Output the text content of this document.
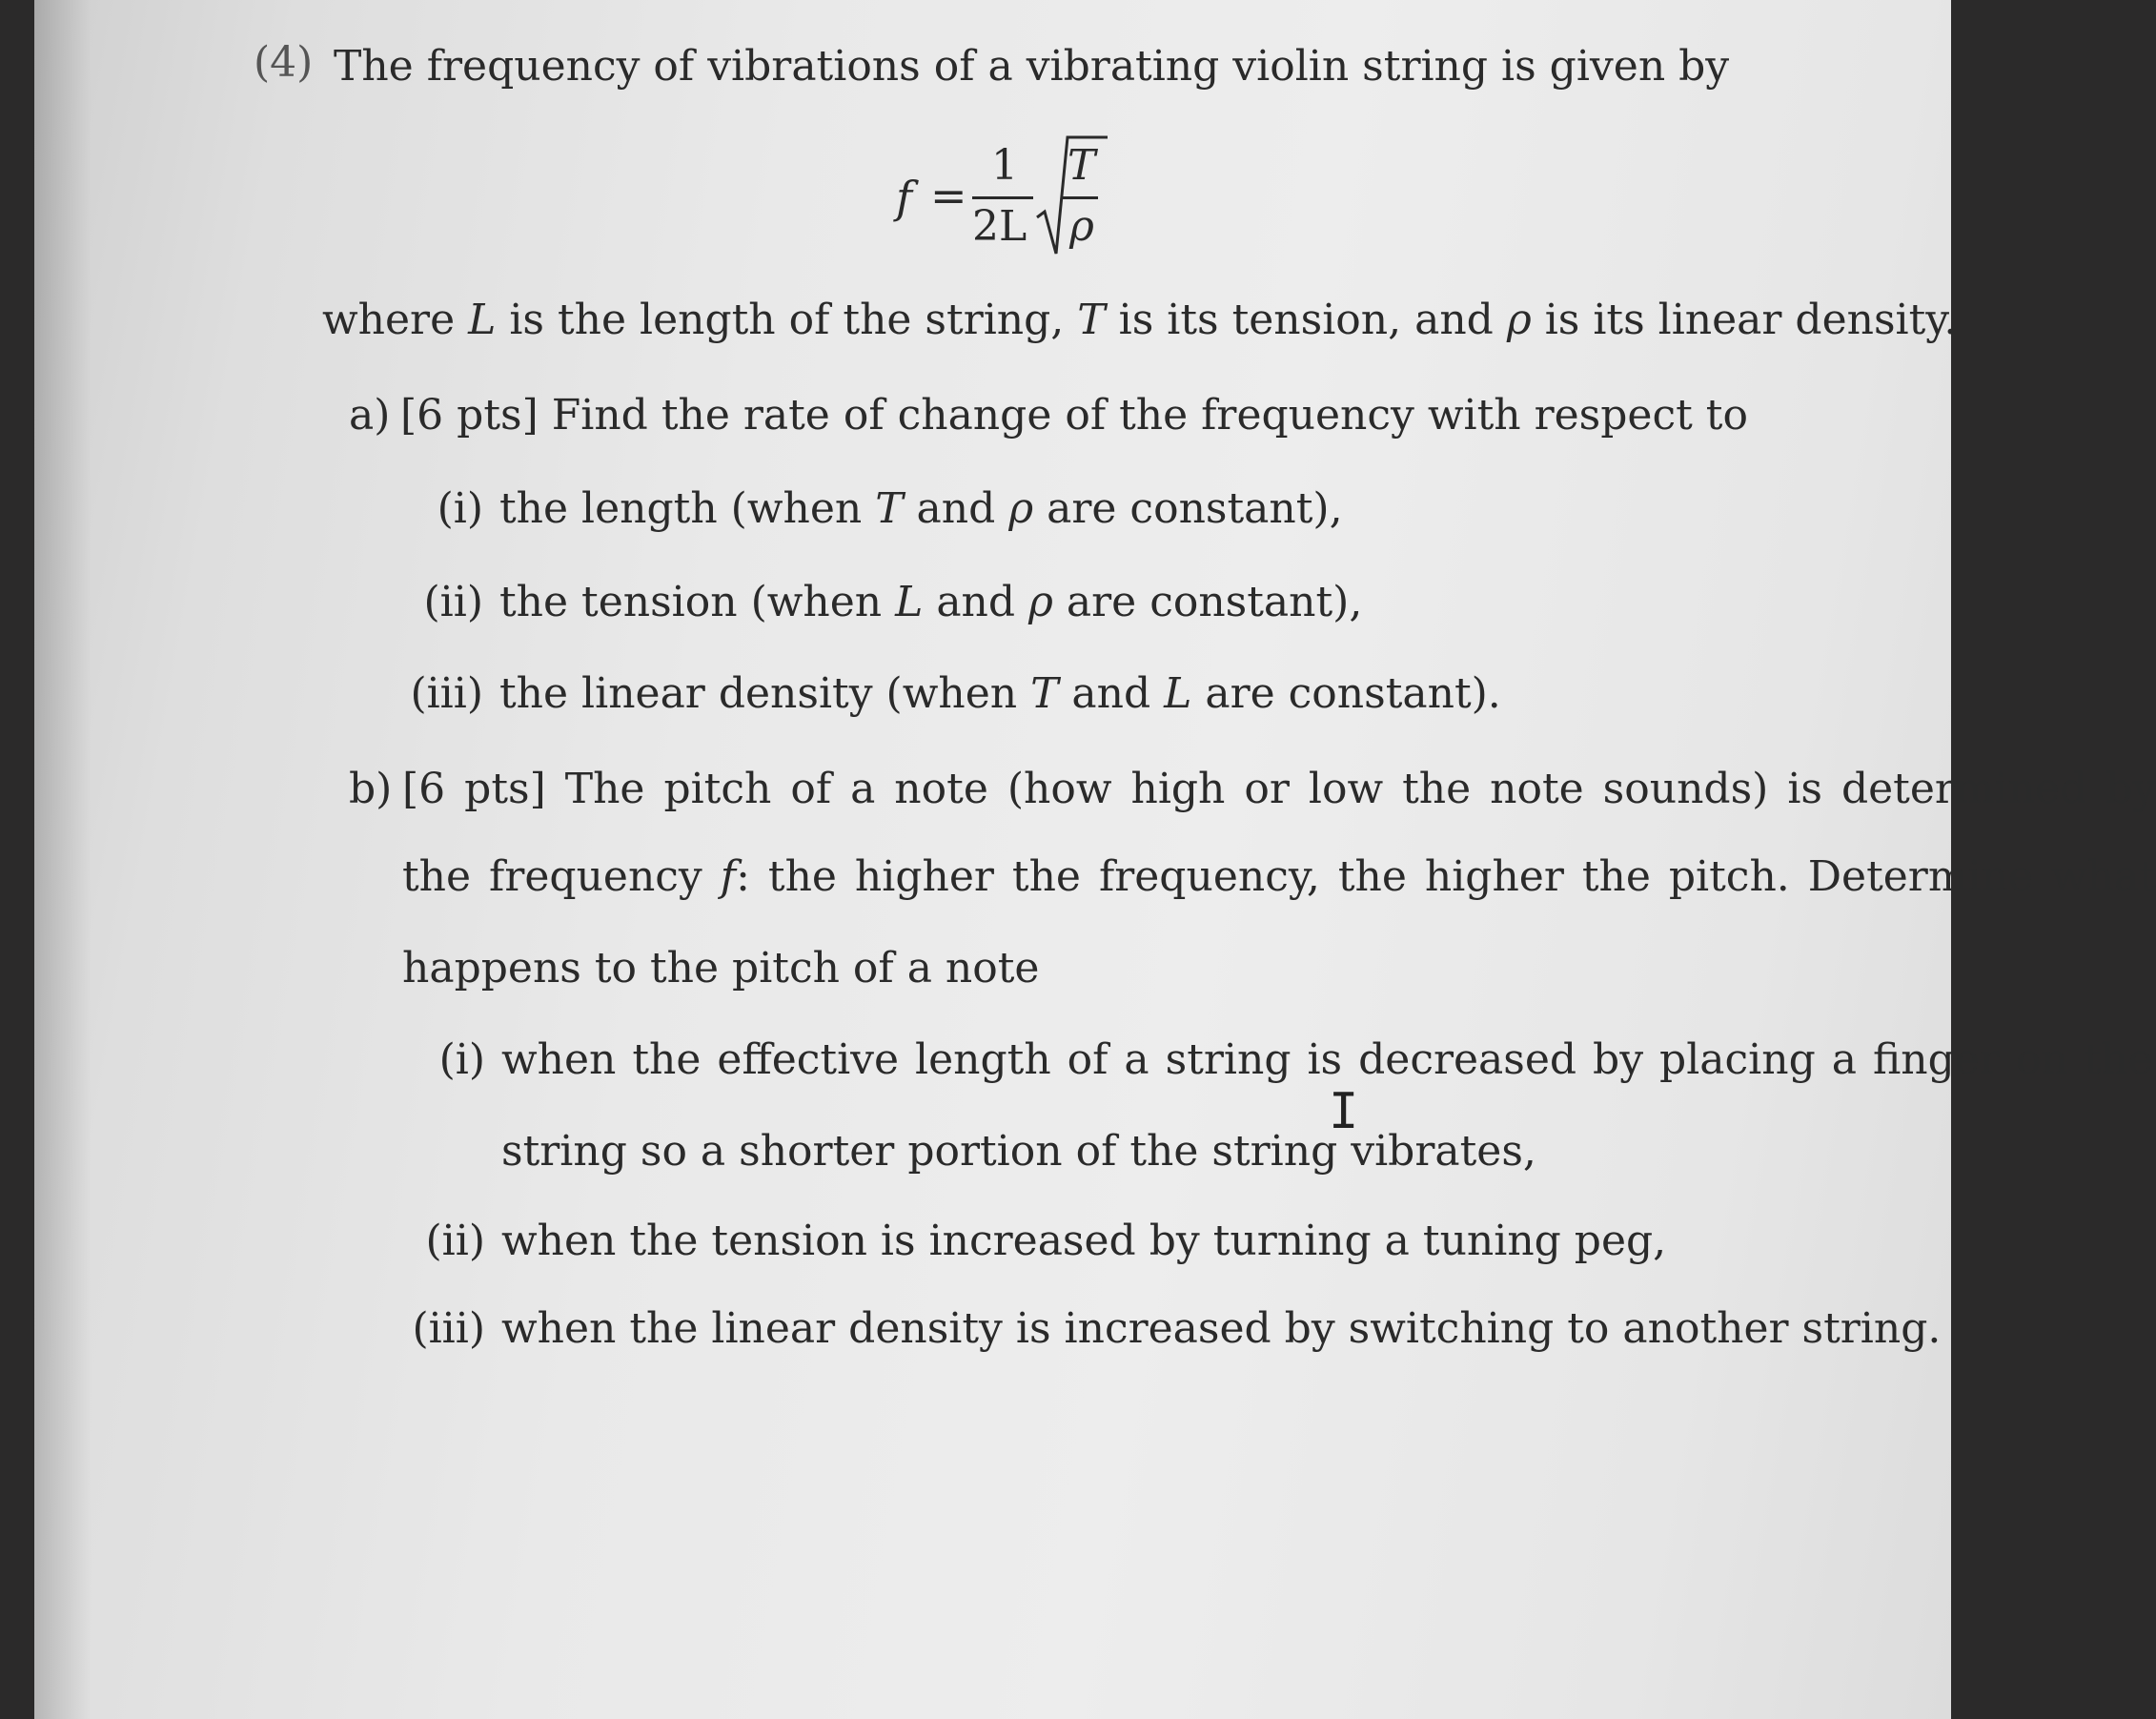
(4) The frequency of vibrations of a vibrating violin string is given by
f =
1
2L
T
ρ
where L is the length of the string, T is its tension, and ρ is its linear density.
a) [6 pts] Find the rate of change of the frequency with respect to
(i) the length (when T and ρ are constant),
(ii) the tension (when L and ρ are constant),
(iii) the linear density (when T and L are constant).
b) [6 pts] The pitch of a note (how high or low the note sounds) is determined by
the frequency f: the higher the frequency, the higher the pitch. Determine what
happens to the pitch of a note
(i) when the effective length of a string is decreased by placing a finger on the
string so a shorter portion of the string vibrates,
(ii) when the tension is increased by turning a tuning peg,
(iii) when the linear density is increased by switching to another string.
I
